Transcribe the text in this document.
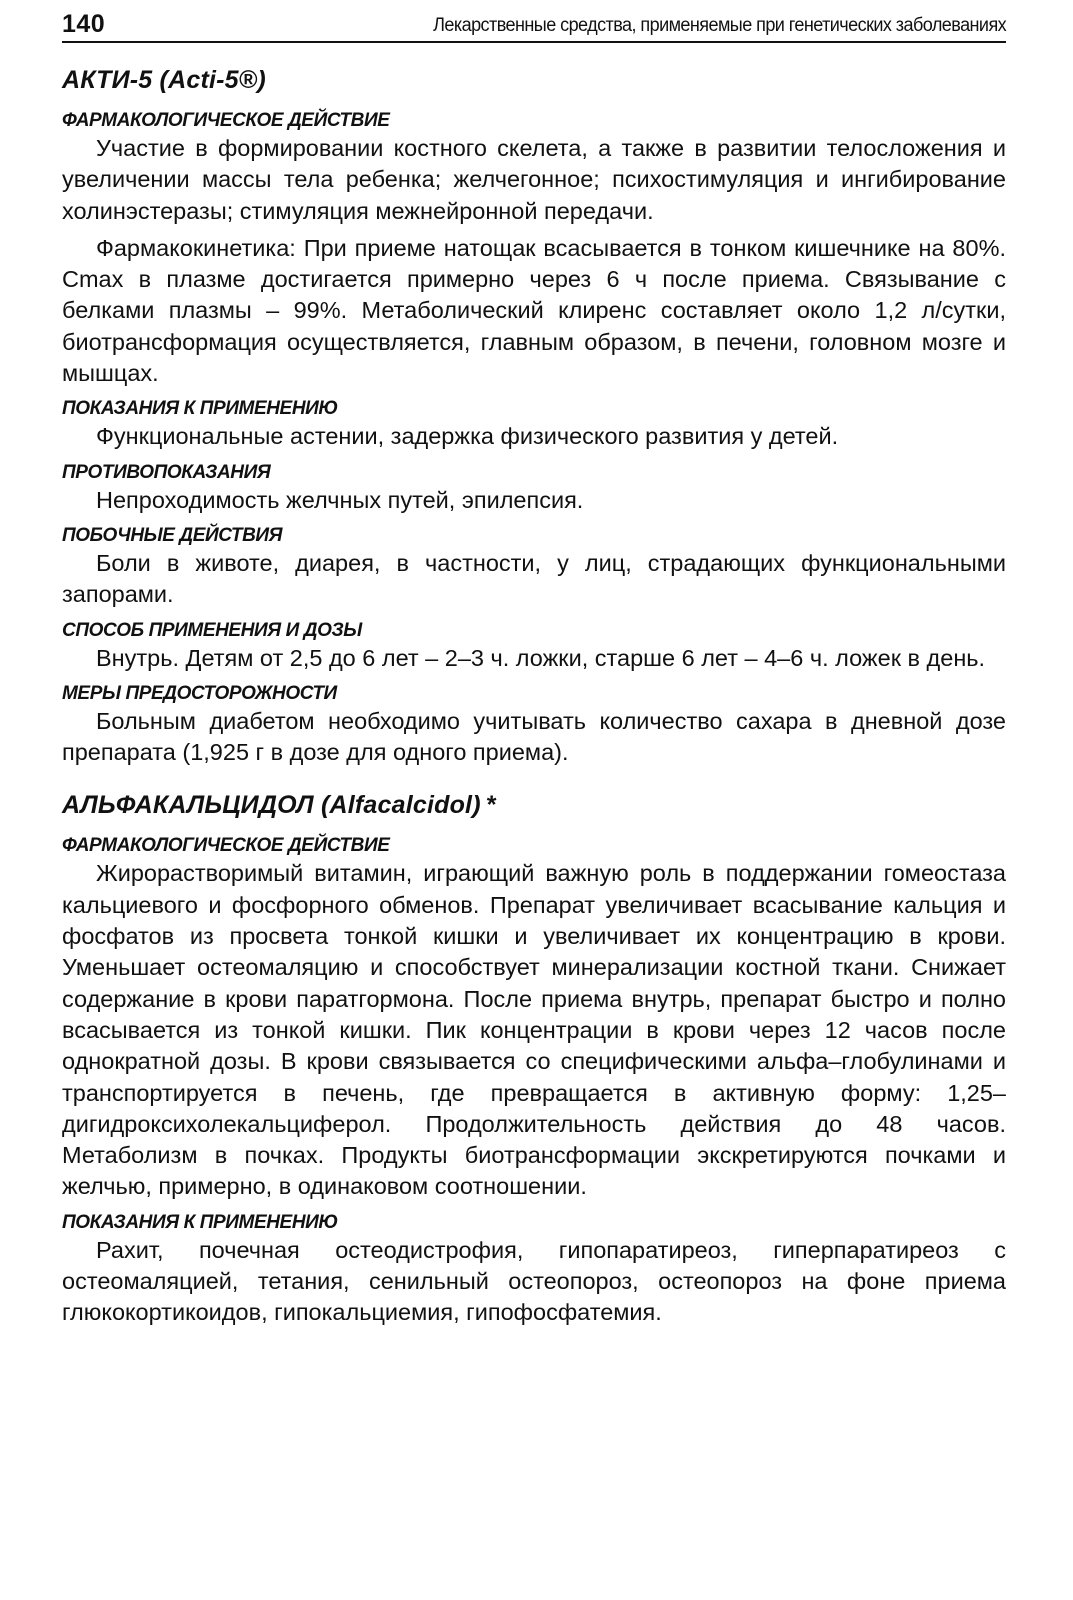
140	Лекарственные средства, применяемые при генетических заболеваниях
АКТИ-5 (Acti-5®)
ФАРМАКОЛОГИЧЕСКОЕ ДЕЙСТВИЕ

Участие в формировании костного скелета, а также в развитии телосложения и увеличении массы тела ребенка; желчегонное; психостимуляция и ингибирование холинэстеразы; стимуляция межнейронной передачи.

Фармакокинетика: При приеме натощак всасывается в тонком кишечнике на 80%. Cmax в плазме достигается примерно через 6 ч после приема. Связывание с белками плазмы – 99%. Метаболический клиренс составляет около 1,2 л/сутки, биотрансформация осуществляется, главным образом, в печени, головном мозге и мышцах.

ПОКАЗАНИЯ К ПРИМЕНЕНИЮ

Функциональные астении, задержка физического развития у детей.

ПРОТИВОПОКАЗАНИЯ

Непроходимость желчных путей, эпилепсия.

ПОБОЧНЫЕ ДЕЙСТВИЯ

Боли в животе, диарея, в частности, у лиц, страдающих функциональными запорами.

СПОСОБ ПРИМЕНЕНИЯ И ДОЗЫ

Внутрь. Детям от 2,5 до 6 лет – 2–3 ч. ложки, старше 6 лет – 4–6 ч. ложек в день.

МЕРЫ ПРЕДОСТОРОЖНОСТИ

Больным диабетом необходимо учитывать количество сахара в дневной дозе препарата (1,925 г в дозе для одного приема).

АЛЬФАКАЛЬЦИДОЛ (Alfacalcidol) *
ФАРМАКОЛОГИЧЕСКОЕ ДЕЙСТВИЕ

Жирорастворимый витамин, играющий важную роль в поддержании гомеостаза кальциевого и фосфорного обменов. Препарат увеличивает всасывание кальция и фосфатов из просвета тонкой кишки и увеличивает их концентрацию в крови. Уменьшает остеомаляцию и способствует минерализации костной ткани. Снижает содержание в крови паратгормона. После приема внутрь, препарат быстро и полно всасывается из тонкой кишки. Пик концентрации в крови через 12 часов после однократной дозы. В крови связывается со специфическими альфа–глобулинами и транспортируется в печень, где превращается в активную форму: 1,25–дигидроксихолекальциферол. Продолжительность действия до 48 часов. Метаболизм в почках. Продукты биотрансформации экскретируются почками и желчью, примерно, в одинаковом соотношении.

ПОКАЗАНИЯ К ПРИМЕНЕНИЮ

Рахит, почечная остеодистрофия, гипопаратиреоз, гиперпаратиреоз с остеомаляцией, тетания, сенильный остеопороз, остеопороз на фоне приема глюкокортикоидов, гипокальциемия, гипофосфатемия.
